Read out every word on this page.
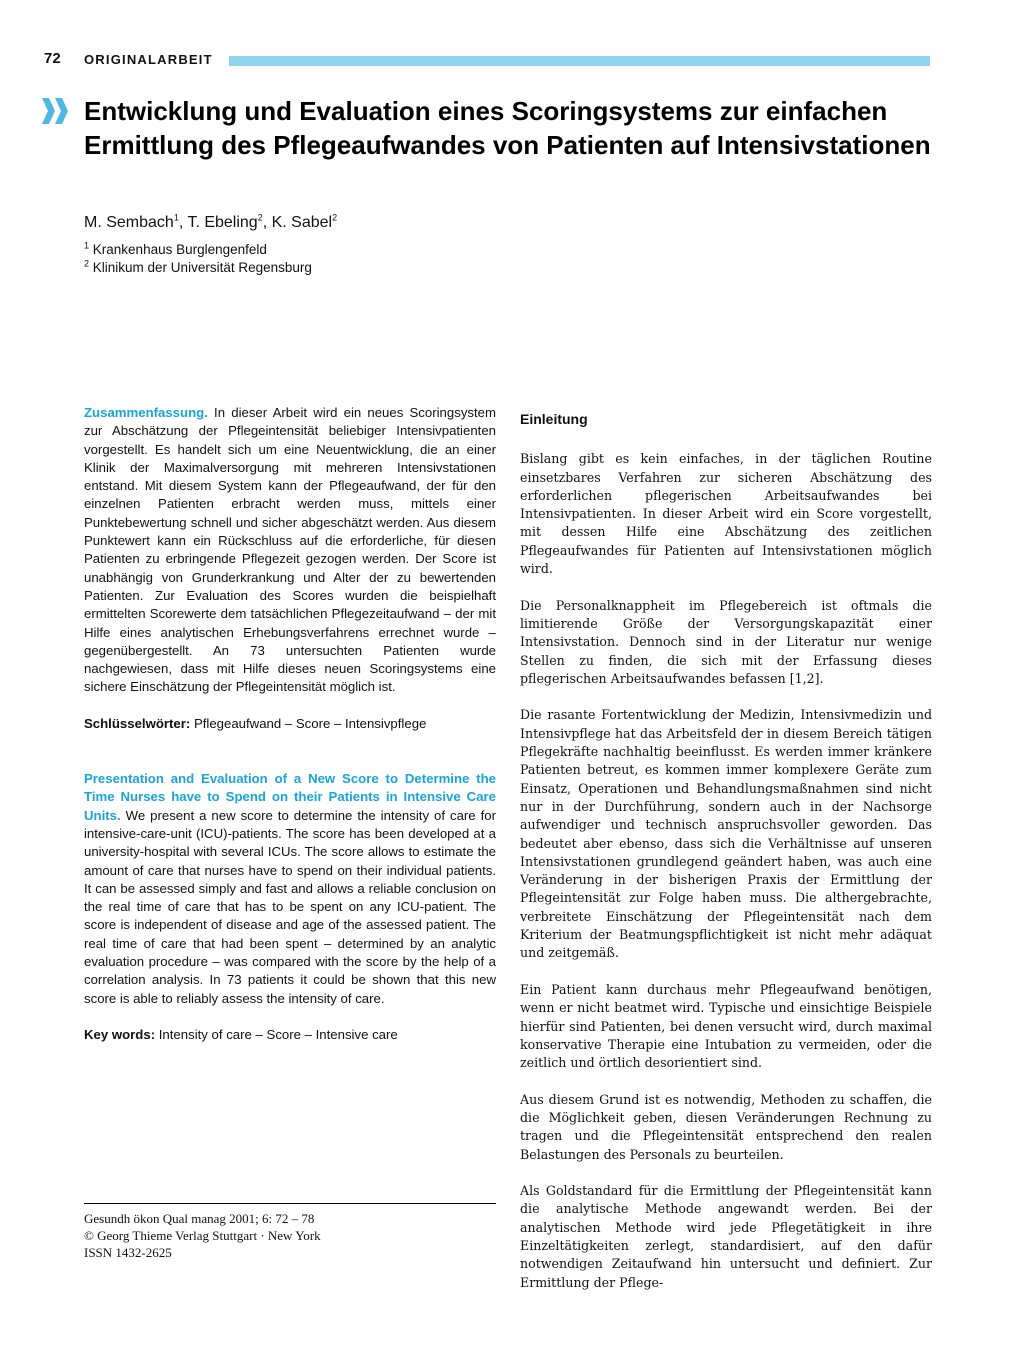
72 ORIGINALARBEIT
Entwicklung und Evaluation eines Scoringsystems zur einfachen Ermittlung des Pflegeaufwandes von Patienten auf Intensivstationen
M. Sembach$^1$, T. Ebeling$^2$, K. Sabel$^2$
$^1$ Krankenhaus Burglengenfeld
$^2$ Klinikum der Universität Regensburg

Zusammenfassung. In dieser Arbeit wird ein neues Scoringsystem zur Abschätzung der Pflegeintensität beliebiger Intensivpatienten vorgestellt. Es handelt sich um eine Neuentwicklung, die an einer Klinik der Maximalversorgung mit mehreren Intensivstationen entstand. Mit diesem System kann der Pflegeaufwand, der für den einzelnen Patienten erbracht werden muss, mittels einer Punktebewertung schnell und sicher abgeschätzt werden. Aus diesem Punktewert kann ein Rückschluss auf die erforderliche, für diesen Patienten zu erbringende Pflegezeit gezogen werden. Der Score ist unabhängig von Grunderkrankung und Alter der zu bewertenden Patienten. Zur Evaluation des Scores wurden die beispielhaft ermittelten Scorewerte dem tatsächlichen Pflegezeitaufwand – der mit Hilfe eines analytischen Erhebungsverfahrens errechnet wurde – gegenübergestellt. An 73 untersuchten Patienten wurde nachgewiesen, dass mit Hilfe dieses neuen Scoringsystems eine sichere Einschätzung der Pflegeintensität möglich ist.

Schlüsselwörter: Pflegeaufwand – Score – Intensivpflege

Presentation and Evaluation of a New Score to Determine the Time Nurses have to Spend on their Patients in Intensive Care Units. We present a new score to determine the intensity of care for intensive-care-unit (ICU)-patients. The score has been developed at a university-hospital with several ICUs. The score allows to estimate the amount of care that nurses have to spend on their individual patients. It can be assessed simply and fast and allows a reliable conclusion on the real time of care that has to be spent on any ICU-patient. The score is independent of disease and age of the assessed patient. The real time of care that had been spent – determined by an analytic evaluation procedure – was compared with the score by the help of a correlation analysis. In 73 patients it could be shown that this new score is able to reliably assess the intensity of care.

Key words: Intensity of care – Score – Intensive care

Einleitung

Bislang gibt es kein einfaches, in der täglichen Routine einsetzbares Verfahren zur sicheren Abschätzung des erforderlichen pflegerischen Arbeitsaufwandes bei Intensivpatienten. In dieser Arbeit wird ein Score vorgestellt, mit dessen Hilfe eine Abschätzung des zeitlichen Pflegeaufwandes für Patienten auf Intensivstationen möglich wird.

Die Personalknappheit im Pflegebereich ist oftmals die limitierende Größe der Versorgungskapazität einer Intensivstation. Dennoch sind in der Literatur nur wenige Stellen zu finden, die sich mit der Erfassung dieses pflegerischen Arbeitsaufwandes befassen [1,2].

Die rasante Fortentwicklung der Medizin, Intensivmedizin und Intensivpflege hat das Arbeitsfeld der in diesem Bereich tätigen Pflegekräfte nachhaltig beeinflusst. Es werden immer kränkere Patienten betreut, es kommen immer komplexere Geräte zum Einsatz, Operationen und Behandlungsmaßnahmen sind nicht nur in der Durchführung, sondern auch in der Nachsorge aufwendiger und technisch anspruchsvoller geworden. Das bedeutet aber ebenso, dass sich die Verhältnisse auf unseren Intensivstationen grundlegend geändert haben, was auch eine Veränderung in der bisherigen Praxis der Ermittlung der Pflegeintensität zur Folge haben muss. Die althergebrachte, verbreitete Einschätzung der Pflegeintensität nach dem Kriterium der Beatmungspflichtigkeit ist nicht mehr adäquat und zeitgemäß.

Ein Patient kann durchaus mehr Pflegeaufwand benötigen, wenn er nicht beatmet wird. Typische und einsichtige Beispiele hierfür sind Patienten, bei denen versucht wird, durch maximal konservative Therapie eine Intubation zu vermeiden, oder die zeitlich und örtlich desorientiert sind.

Aus diesem Grund ist es notwendig, Methoden zu schaffen, die die Möglichkeit geben, diesen Veränderungen Rechnung zu tragen und die Pflegeintensität entsprechend den realen Belastungen des Personals zu beurteilen.

Als Goldstandard für die Ermittlung der Pflegeintensität kann die analytische Methode angewandt werden. Bei der analytischen Methode wird jede Pflegetätigkeit in ihre Einzeltätigkeiten zerlegt, standardisiert, auf den dafür notwendigen Zeitaufwand hin untersucht und definiert. Zur Ermittlung der Pflege-

Gesundh ökon Qual manag 2001; 6: 72 – 78
© Georg Thieme Verlag Stuttgart · New York
ISSN 1432-2625
